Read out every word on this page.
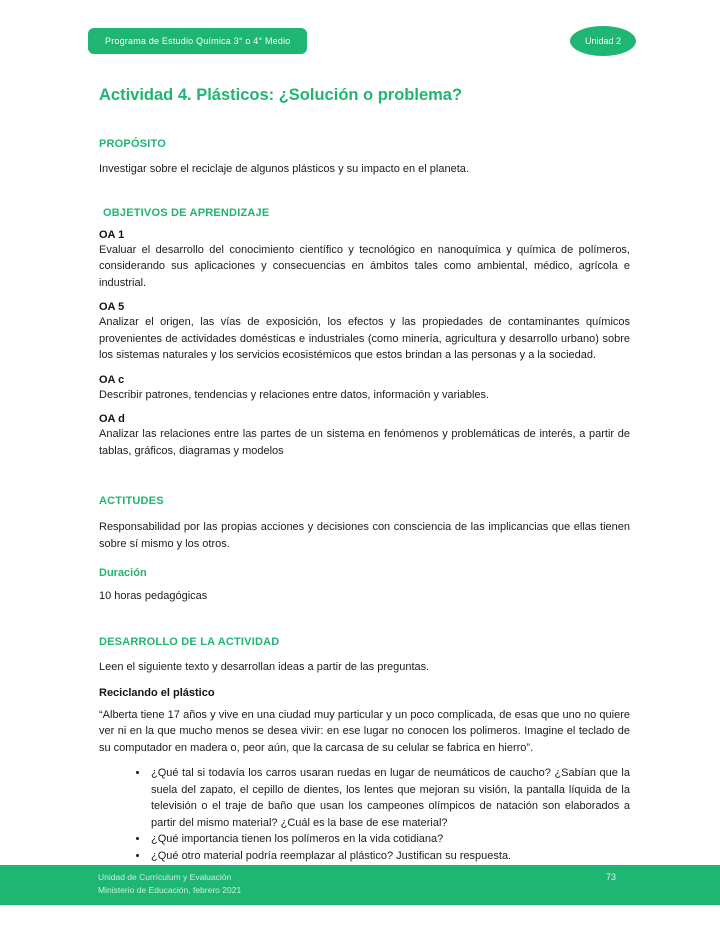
Programa de Estudio Química 3° o 4° Medio	Unidad 2
Actividad 4. Plásticos: ¿Solución o problema?
PROPÓSITO

Investigar sobre el reciclaje de algunos plásticos y su impacto en el planeta.

OBJETIVOS DE APRENDIZAJE
OA 1

Evaluar el desarrollo del conocimiento científico y tecnológico en nanoquímica y química de polímeros, considerando sus aplicaciones y consecuencias en ámbitos tales como ambiental, médico, agrícola e industrial.

OA 5

Analizar el origen, las vías de exposición, los efectos y las propiedades de contaminantes químicos provenientes de actividades domésticas e industriales (como minería, agricultura y desarrollo urbano) sobre los sistemas naturales y los servicios ecosistémicos que estos brindan a las personas y a la sociedad.

OA c

Describir patrones, tendencias y relaciones entre datos, información y variables.

OA d

Analizar las relaciones entre las partes de un sistema en fenómenos y problemáticas de interés, a partir de tablas, gráficos, diagramas y modelos

ACTITUDES

Responsabilidad por las propias acciones y decisiones con consciencia de las implicancias que ellas tienen sobre sí mismo y los otros.

Duración

10 horas pedagógicas

DESARROLLO DE LA ACTIVIDAD

Leen el siguiente texto y desarrollan ideas a partir de las preguntas.

Reciclando el plástico

“Alberta tiene 17 años y vive en una ciudad muy particular y un poco complicada, de esas que uno no quiere ver ni en la que mucho menos se desea vivir: en ese lugar no conocen los polimeros. Imagine el teclado de su computador en madera o, peor aún, que la carcasa de su celular se fabrica en hierro”.

• ¿Qué tal si todavía los carros usaran ruedas en lugar de neumáticos de caucho? ¿Sabían que la suela del zapato, el cepillo de dientes, los lentes que mejoran su visión, la pantalla líquida de la televisión o el traje de baño que usan los campeones olímpicos de natación son elaborados a partir del mismo material? ¿Cuál es la base de ese material?
• ¿Qué importancia tienen los polímeros en la vida cotidiana?
• ¿Qué otro material podría reemplazar al plástico? Justifican su respuesta.
Unidad de Currículum y Evaluación
Ministerio de Educación, febrero 2021
73
